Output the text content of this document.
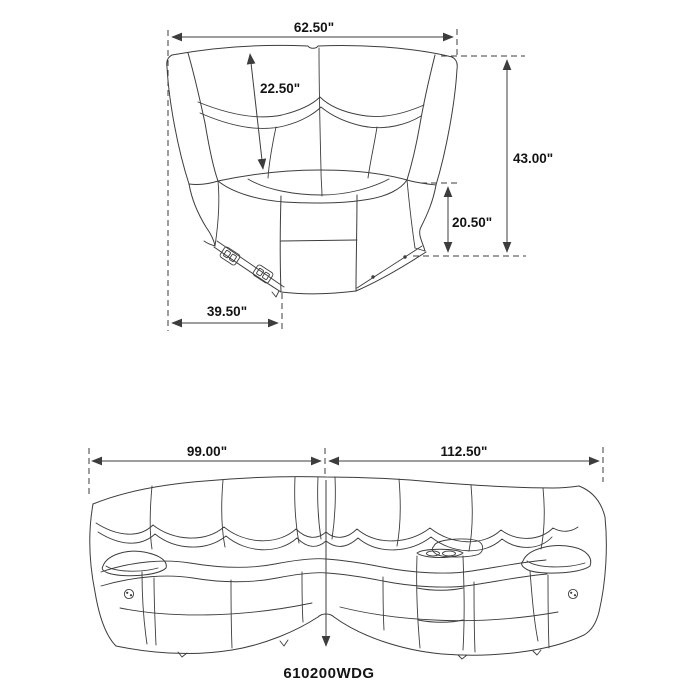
62.50"
22.50"
43.00"
20.50"
39.50"
99.00"	112.50"
610200WDG
